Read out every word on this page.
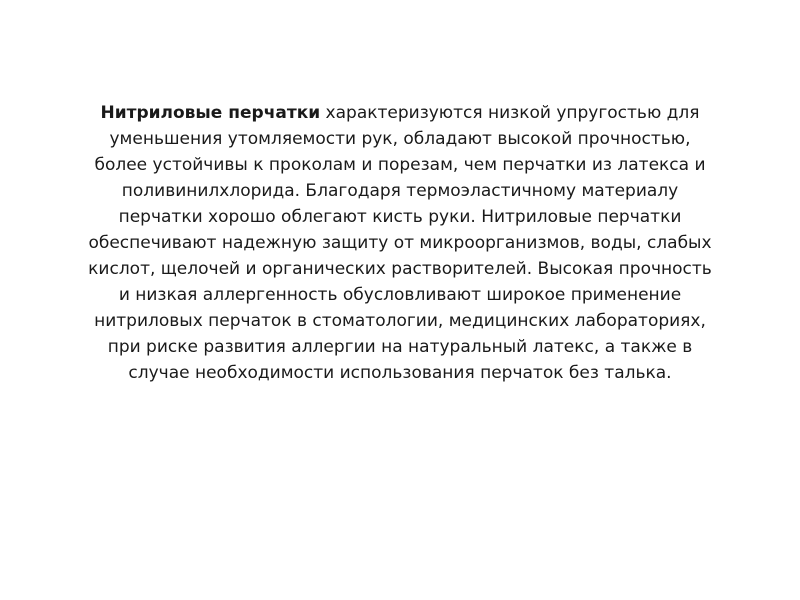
Нитриловые перчатки характеризуются низкой упругостью для
уменьшения утомляемости рук, обладают высокой прочностью,
более устойчивы к проколам и порезам, чем перчатки из латекса и
поливинилхлорида. Благодаря термоэластичному материалу
перчатки хорошо облегают кисть руки. Нитриловые перчатки
обеспечивают надежную защиту от микроорганизмов, воды, слабых
кислот, щелочей и органических растворителей. Высокая прочность
и низкая аллергенность обусловливают широкое применение
нитриловых перчаток в стоматологии, медицинских лабораториях,
при риске развития аллергии на натуральный латекс, а также в
случае необходимости использования перчаток без талька.
